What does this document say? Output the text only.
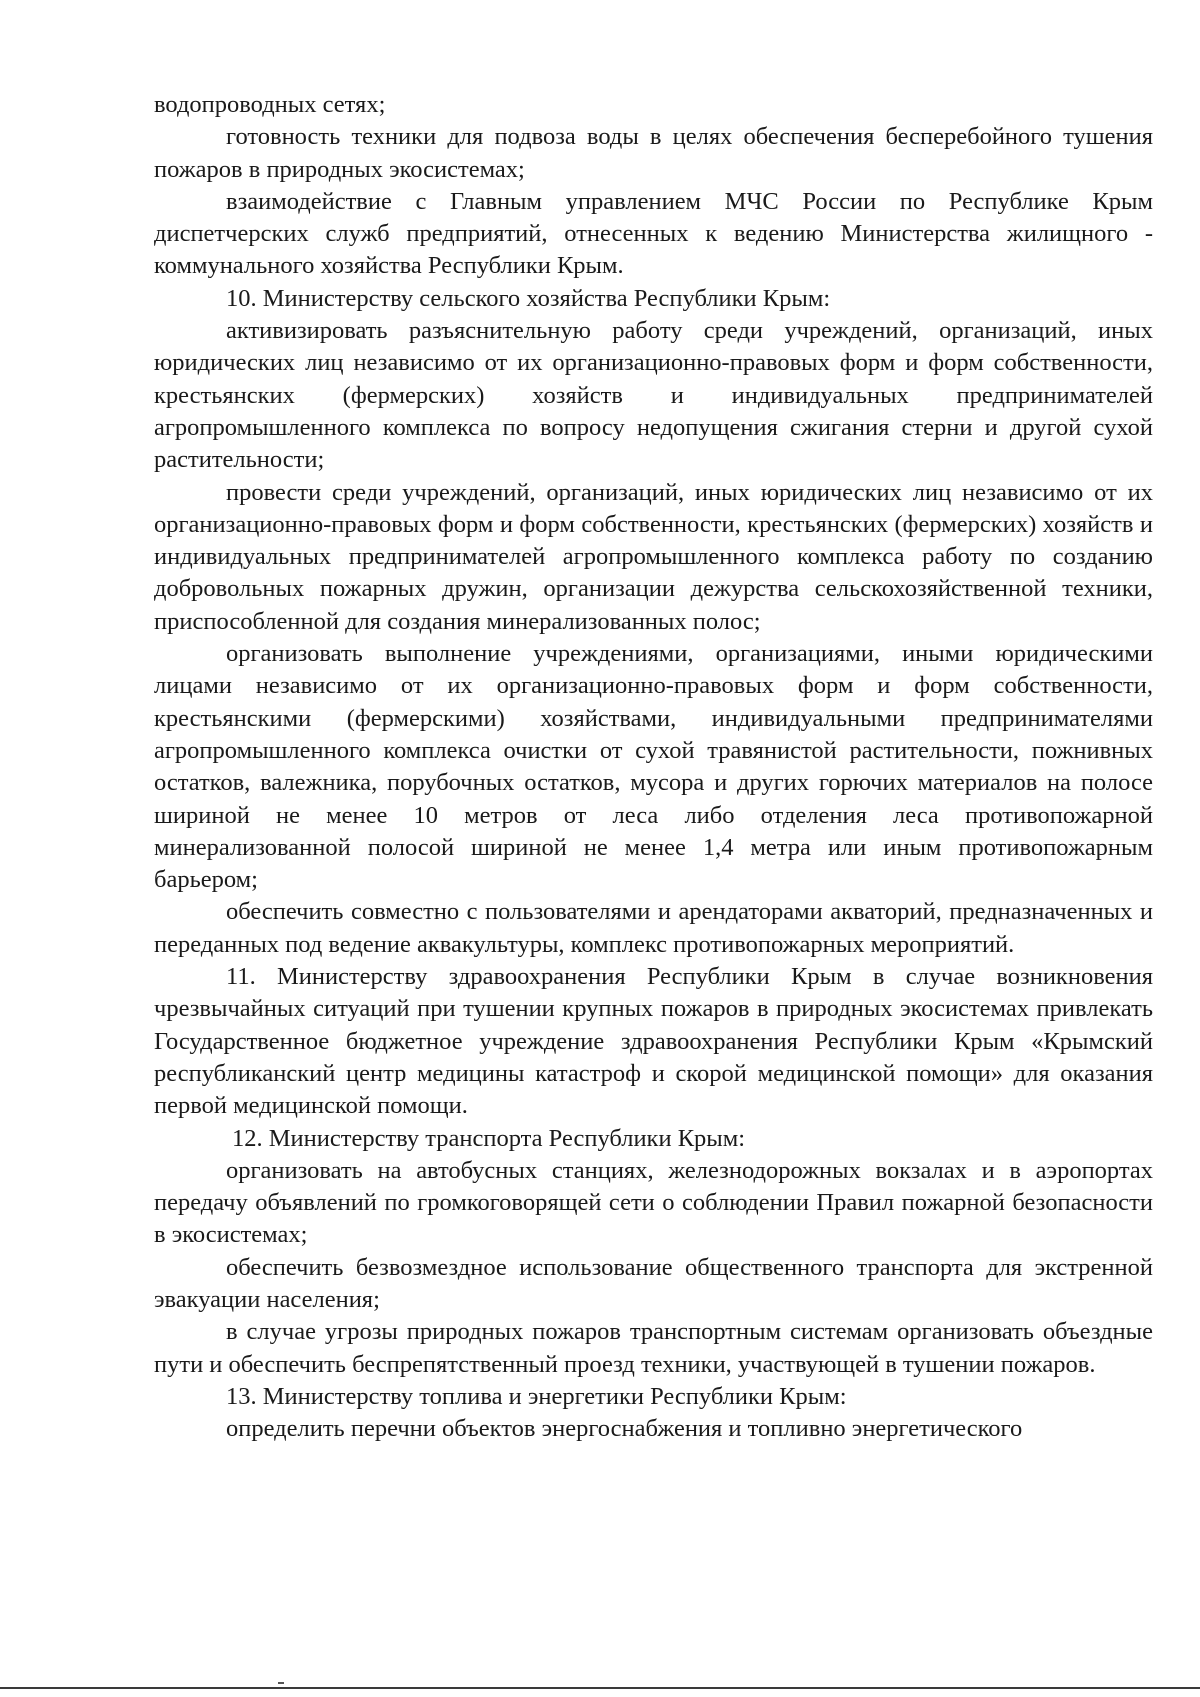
водопроводных сетях;

готовность техники для подвоза воды в целях обеспечения бесперебойного тушения пожаров в природных экосистемах;

взаимодействие с Главным управлением МЧС России по Республике Крым диспетчерских служб предприятий, отнесенных к ведению Министерства жилищного - коммунального хозяйства Республики Крым.

10. Министерству сельского хозяйства Республики Крым:

активизировать разъяснительную работу среди учреждений, организаций, иных юридических лиц независимо от их организационно-правовых форм и форм собственности, крестьянских (фермерских) хозяйств и индивидуальных предпринимателей агропромышленного комплекса по вопросу недопущения сжигания стерни и другой сухой растительности;

провести среди учреждений, организаций, иных юридических лиц независимо от их организационно-правовых форм и форм собственности, крестьянских (фермерских) хозяйств и индивидуальных предпринимателей агропромышленного комплекса работу по созданию добровольных пожарных дружин, организации дежурства сельскохозяйственной техники, приспособленной для создания минерализованных полос;

организовать выполнение учреждениями, организациями, иными юридическими лицами независимо от их организационно-правовых форм и форм собственности, крестьянскими (фермерскими) хозяйствами, индивидуальными предпринимателями агропромышленного комплекса очистки от сухой травянистой растительности, пожнивных остатков, валежника, порубочных остатков, мусора и других горючих материалов на полосе шириной не менее 10 метров от леса либо отделения леса противопожарной минерализованной полосой шириной не менее 1,4 метра или иным противопожарным барьером;

обеспечить совместно с пользователями и арендаторами акваторий, предназначенных и переданных под ведение аквакультуры, комплекс противопожарных мероприятий.

11. Министерству здравоохранения Республики Крым в случае возникновения чрезвычайных ситуаций при тушении крупных пожаров в природных экосистемах привлекать Государственное бюджетное учреждение здравоохранения Республики Крым «Крымский республиканский центр медицины катастроф и скорой медицинской помощи» для оказания первой медицинской помощи.

12. Министерству транспорта Республики Крым:

организовать на автобусных станциях, железнодорожных вокзалах и в аэропортах передачу объявлений по громкоговорящей сети о соблюдении Правил пожарной безопасности в экосистемах;

обеспечить безвозмездное использование общественного транспорта для экстренной эвакуации населения;

в случае угрозы природных пожаров транспортным системам организовать объездные пути и обеспечить беспрепятственный проезд техники, участвующей в тушении пожаров.

13. Министерству топлива и энергетики Республики Крым:

определить перечни объектов энергоснабжения и топливно энергетического
